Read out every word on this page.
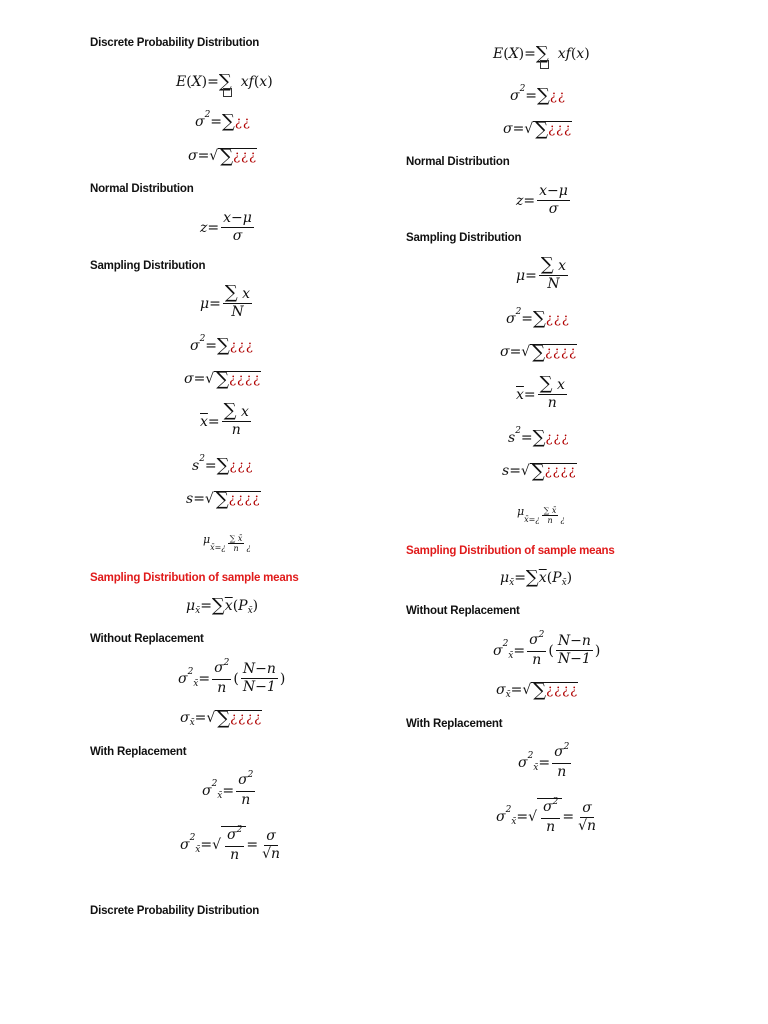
Discrete Probability Distribution
E ( X )= ∑ xf ( x )
σ 2 = ∑ ¿¿
σ = √ ∑ ¿¿¿
Normal Distribution
$z = \frac{x-\mu}{\sigma}$
Sampling Distribution
$\mu = \frac{\sum x}{N}$
σ 2 = ∑ ¿¿¿
σ = √ ∑ ¿¿¿¿
$\overline{x} = \frac{\sum x}{n}$
s 2 = ∑ ¿¿¿
s = √ ∑ ¿¿¿¿
μ
x̄=¿ $\frac{\sum x̄}{n}$ ¿
Sampling Distribution of sample means
μ x̄ = ∑ $\overline{x}$ ( P x̄ )
Without Replacement
σ 2
x̄ = $\frac{\sigma^2}{n}$ ( $\frac{N-n}{N-1}$ )
σ x̄ = √ ∑ ¿¿¿¿
With Replacement
σ 2
x̄ = $\frac{\sigma^2}{n}$
σ 2
x̄ = √ $\frac{\sigma^2}{n} = \frac{\sigma}{√n}$
Discrete Probability Distribution
E ( X )= ∑ xf ( x )
σ 2 = ∑ ¿¿
σ = √ ∑ ¿¿¿
Normal Distribution
$z = \frac{x-\mu}{\sigma}$
Sampling Distribution
$\mu = \frac{\sum x}{N}$
σ 2 = ∑ ¿¿¿
σ = √ ∑ ¿¿¿¿
$\overline{x} = \frac{\sum x}{n}$
s 2 = ∑ ¿¿¿
s = √ ∑ ¿¿¿¿
μ
x̄=¿ $\frac{\sum x̄}{n}$ ¿
Sampling Distribution of sample means
μ x̄ = ∑ $\overline{x}$ ( P x̄ )
Without Replacement
σ 2
x̄ = $\frac{\sigma^2}{n}$ ( $\frac{N-n}{N-1}$ )
σ x̄ = √ ∑ ¿¿¿¿
With Replacement
σ 2
x̄ = $\frac{\sigma^2}{n}$
σ 2
x̄ = √ $\frac{\sigma^2}{n} = \frac{\sigma}{√n}$
